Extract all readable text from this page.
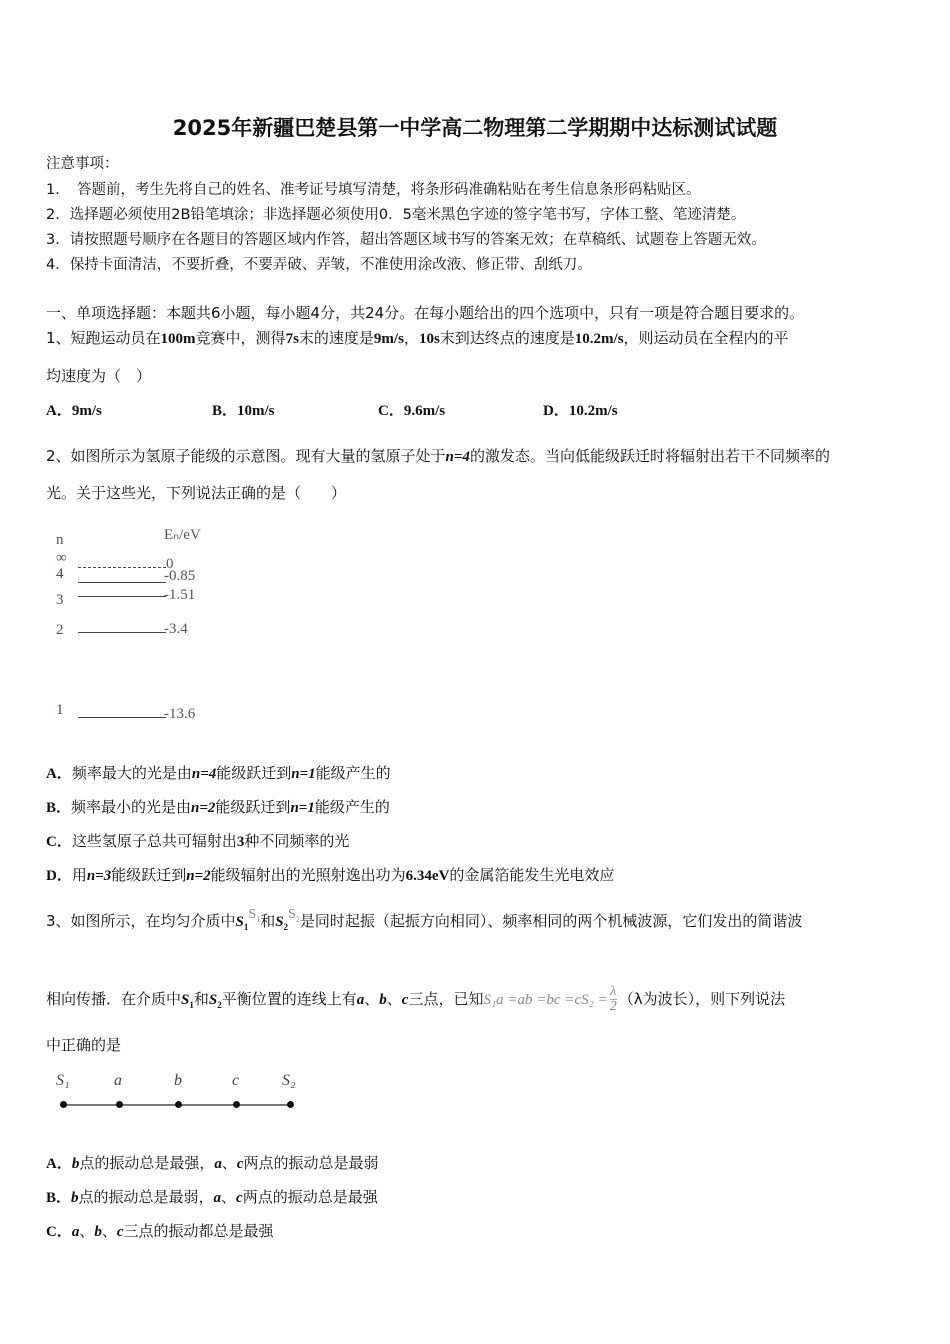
2025年新疆巴楚县第一中学高二物理第二学期期中达标测试试题
注意事项：
1．　答题前，考生先将自己的姓名、准考证号填写清楚，将条形码准确粘贴在考生信息条形码粘贴区。
2．选择题必须使用2B铅笔填涂；非选择题必须使用0．5毫米黑色字迹的签字笔书写，字体工整、笔迹清楚。
3．请按照题号顺序在各题目的答题区域内作答，超出答题区域书写的答案无效；在草稿纸、试题卷上答题无效。
4．保持卡面清洁，不要折叠，不要弄破、弄皱，不准使用涂改液、修正带、刮纸刀。
一、单项选择题：本题共6小题，每小题4分，共24分。在每小题给出的四个选项中，只有一项是符合题目要求的。
1、短跑运动员在100m竞赛中，测得7s末的速度是9m/s，10s末到达终点的速度是10.2m/s，则运动员在全程内的平
均速度为（　）
A．9m/s	B．10m/s	C．9.6m/s	D．10.2m/s
2、如图所示为氢原子能级的示意图。现有大量的氢原子处于n=4的激发态。当向低能级跃迁时将辐射出若干不同频率的
光。关于这些光，下列说法正确的是（　　）
n	Eₙ/eV
∞	0
4	-0.85
3	-1.51
2	-3.4
1	-13.6
A．频率最大的光是由n=4能级跃迁到n=1能级产生的
B．频率最小的光是由n=2能级跃迁到n=1能级产生的
C．这些氢原子总共可辐射出3种不同频率的光
D．用n=3能级跃迁到n=2能级辐射出的光照射逸出功为6.34eV的金属箔能发生光电效应
3、如图所示，在均匀介质中$S_1S_1$和$S_2S_2$是同时起振（起振方向相同）、频率相同的两个机械波源，它们发出的简谐波
相向传播．在介质中$S_1$和$S_2$平衡位置的连线上有a、b、c三点，已知$S_1a =ab =bc =cS_2 = \frac{\lambda}{2} (\lambda$为波长），则下列说法
中正确的是
S₁	a	b	c	S₂
A．b点的振动总是最强，a、c两点的振动总是最弱
B．b点的振动总是最弱，a、c两点的振动总是最强
C．a、b、c三点的振动都总是最强
